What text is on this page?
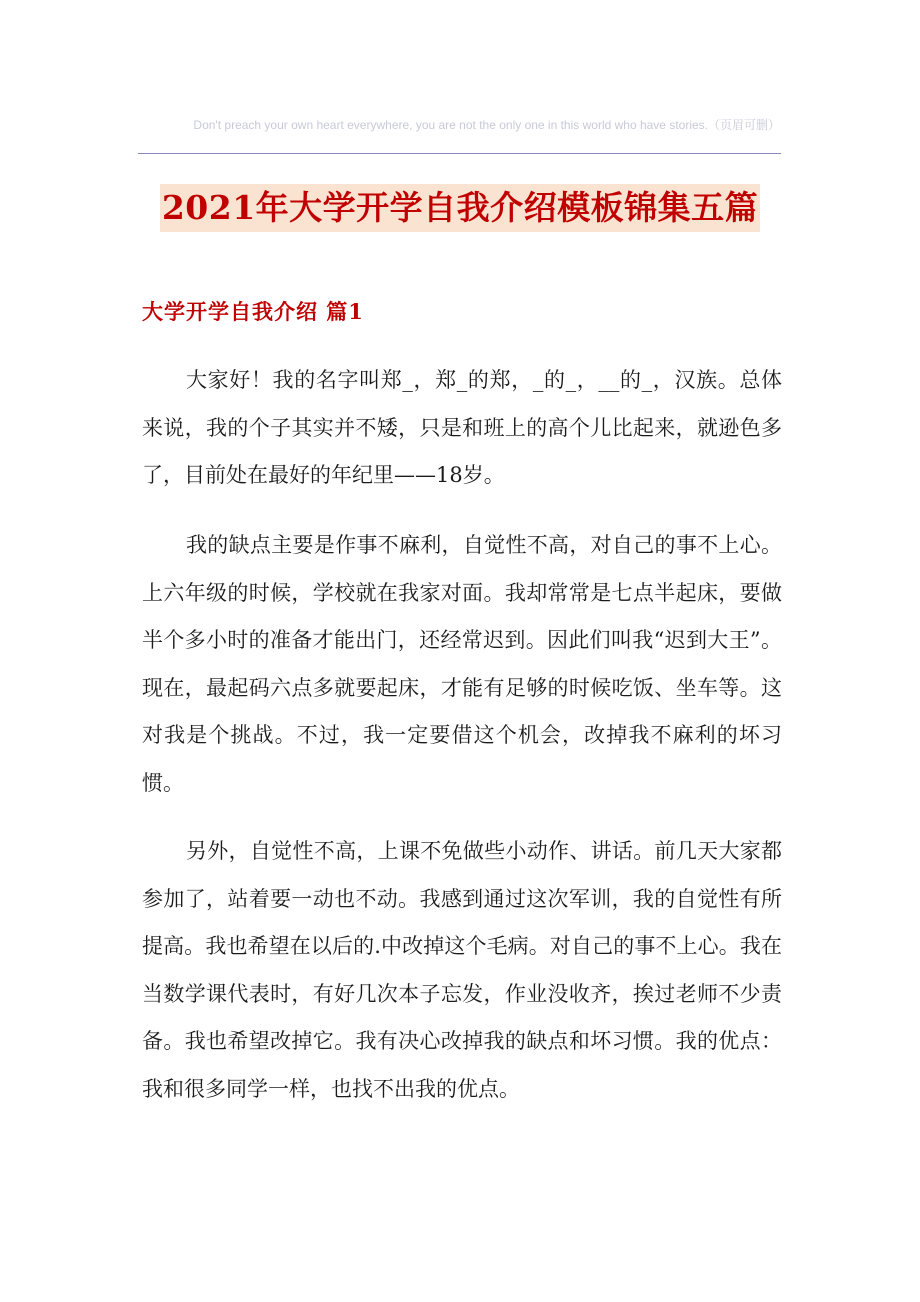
Don't preach your own heart everywhere, you are not the only one in this world who have stories.（页眉可删）
2021年大学开学自我介绍模板锦集五篇
大学开学自我介绍 篇1

大家好！我的名字叫郑_，郑_的郑，_的_，__的_，汉族。总体来说，我的个子其实并不矮，只是和班上的高个儿比起来，就逊色多了，目前处在最好的年纪里——18岁。

我的缺点主要是作事不麻利，自觉性不高，对自己的事不上心。上六年级的时候，学校就在我家对面。我却常常是七点半起床，要做半个多小时的准备才能出门，还经常迟到。因此们叫我“迟到大王”。现在，最起码六点多就要起床，才能有足够的时候吃饭、坐车等。这对我是个挑战。不过，我一定要借这个机会，改掉我不麻利的坏习惯。

另外，自觉性不高，上课不免做些小动作、讲话。前几天大家都参加了，站着要一动也不动。我感到通过这次军训，我的自觉性有所提高。我也希望在以后的.中改掉这个毛病。对自己的事不上心。我在当数学课代表时，有好几次本子忘发，作业没收齐，挨过老师不少责备。我也希望改掉它。我有决心改掉我的缺点和坏习惯。我的优点：我和很多同学一样，也找不出我的优点。
